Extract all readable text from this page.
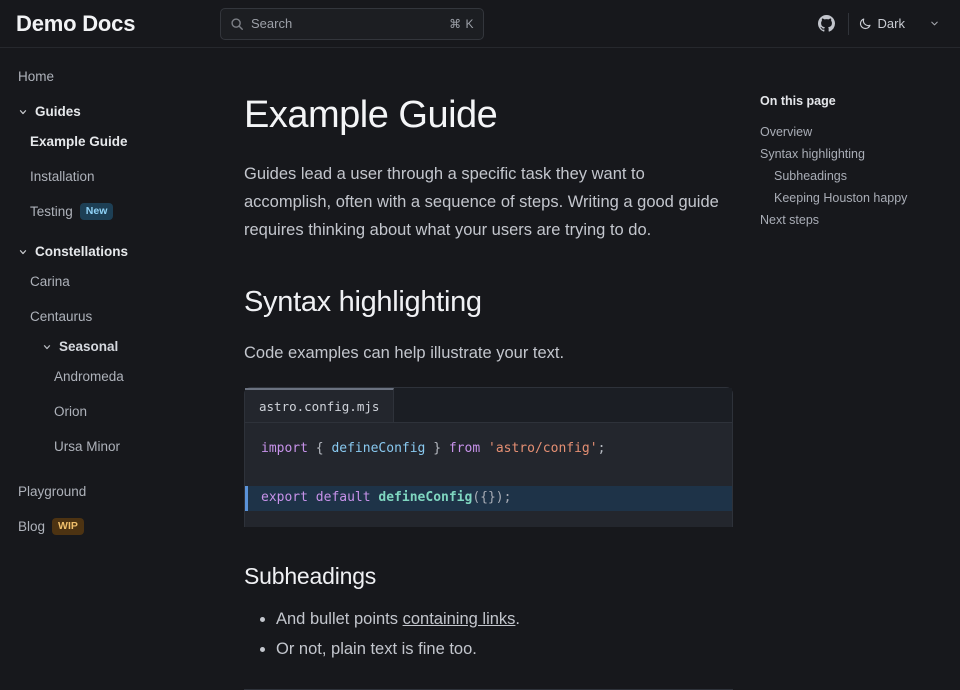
Demo Docs	Search	⌘ K	Dark
Home
Guides
Example Guide
Installation
Testing	New
Constellations
Carina
Centaurus
Seasonal
Andromeda
Orion
Ursa Minor
Playground
Blog	WIP
Example Guide

Guides lead a user through a specific task they want to accomplish, often with a sequence of steps. Writing a good guide requires thinking about what your users are trying to do.

Syntax highlighting

Code examples can help illustrate your text.

astro.config.mjs
import { defineConfig } from 'astro/config';

export default defineConfig({});
Subheadings
• And bullet points containing links.
• Or not, plain text is fine too.
On this page
Overview
Syntax highlighting
Subheadings
Keeping Houston happy
Next steps
